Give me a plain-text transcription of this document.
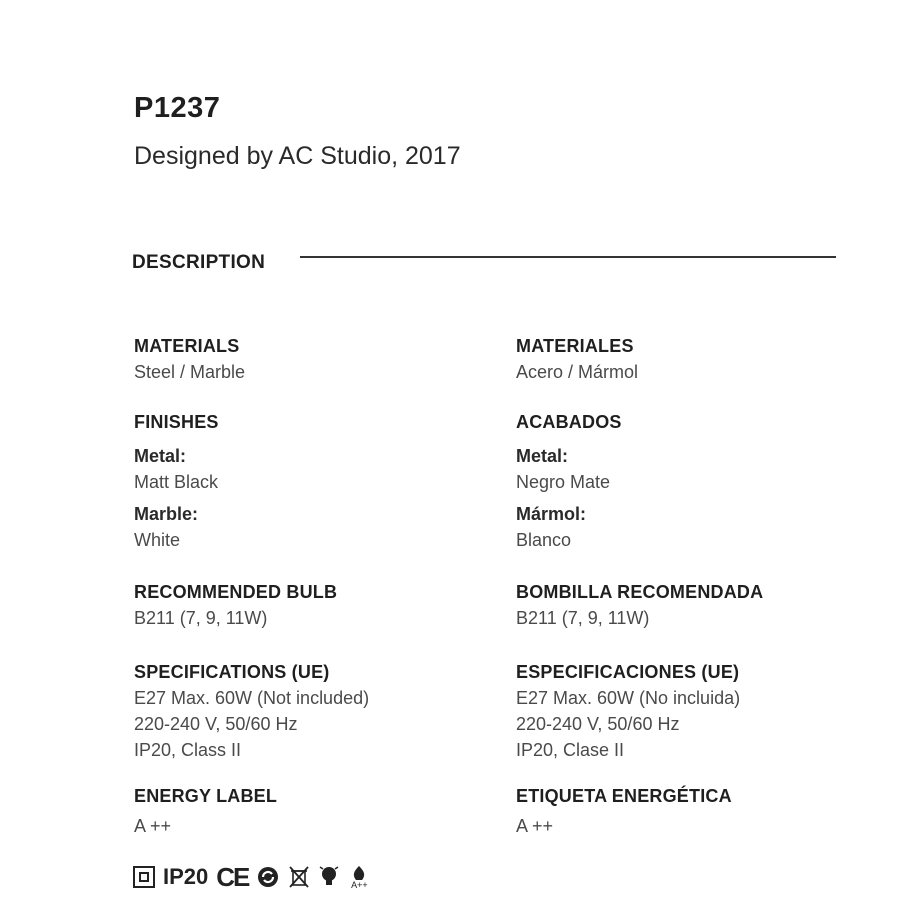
P1237
Designed by AC Studio, 2017
DESCRIPTION
MATERIALS
Steel / Marble
FINISHES
Metal:
Matt Black
Marble:
White
RECOMMENDED BULB
B211 (7, 9, 11W)
SPECIFICATIONS (UE)
E27 Max. 60W (Not included)
220-240 V, 50/60 Hz
IP20, Class II
ENERGY LABEL
A ++
MATERIALES
Acero / Mármol
ACABADOS
Metal:
Negro Mate
Mármol:
Blanco
BOMBILLA RECOMENDADA
B211 (7, 9, 11W)
ESPECIFICACIONES (UE)
E27 Max. 60W (No incluida)
220-240 V, 50/60 Hz
IP20, Clase II
ETIQUETA ENERGÉTICA
A ++
IP20 CE	A++
